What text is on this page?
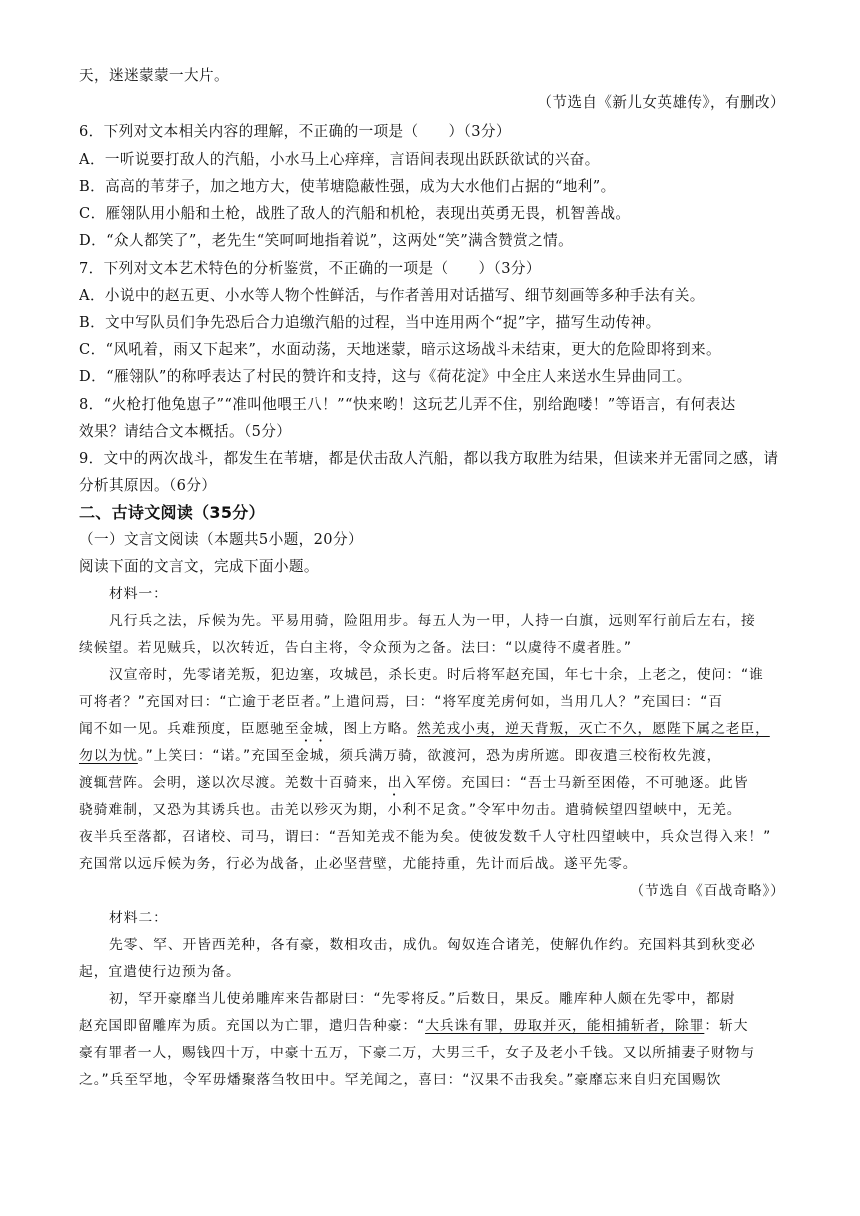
天，迷迷蒙蒙一大片。
（节选自《新儿女英雄传》，有删改）
6．下列对文本相关内容的理解，不正确的一项是（　　）（3分）
A．一听说要打敌人的汽船，小水马上心痒痒，言语间表现出跃跃欲试的兴奋。
B．高高的苇芽子，加之地方大，使苇塘隐蔽性强，成为大水他们占据的“地利”。
C．雁翎队用小船和土枪，战胜了敌人的汽船和机枪，表现出英勇无畏，机智善战。
D．“众人都笑了”，老先生“笑呵呵地指着说”，这两处“笑”满含赞赏之情。
7．下列对文本艺术特色的分析鉴赏，不正确的一项是（　　）（3分）
A．小说中的赵五更、小水等人物个性鲜活，与作者善用对话描写、细节刻画等多种手法有关。
B．文中写队员们争先恐后合力追缴汽船的过程，当中连用两个“捉”字，描写生动传神。
C．“风吼着，雨又下起来”，水面动荡，天地迷蒙，暗示这场战斗未结束，更大的危险即将到来。
D．“雁翎队”的称呼表达了村民的赞许和支持，这与《荷花淀》中全庄人来送水生异曲同工。
8．“火枪打他兔崽子”“准叫他喂王八！”“快来哟！这玩艺儿弄不住，别给跑喽！”等语言，有何表达
效果？请结合文本概括。（5分）
9．文中的两次战斗，都发生在苇塘，都是伏击敌人汽船，都以我方取胜为结果，但读来并无雷同之感，请
分析其原因。（6分）
二、古诗文阅读（35分）
（一）文言文阅读（本题共5小题，20分）
阅读下面的文言文，完成下面小题。
材料一：
凡行兵之法，斥候为先。平易用骑，险阻用步。每五人为一甲，人持一白旗，远则军行前后左右，接
续候望。若见贼兵，以次转近，告白主将，令众预为之备。法曰：“以虞待不虞者胜。”
汉宣帝时，先零诸羌叛，犯边塞，攻城邑，杀长吏。时后将军赵充国，年七十余，上老之，使问：“谁
可将者？”充国对曰：“亡逾于老臣者。”上遣问焉，曰：“将军度羌虏何如，当用几人？”充国曰：“百
闻不如一见。兵难预度，臣愿驰至金城，图上方略。然羌戎小夷，逆天背叛，灭亡不久，愿陛下属之老臣，
勿以为忧。”上笑曰：“诺。”充国至金城，须兵满万骑，欲渡河，恐为虏所遮。即夜遣三校衔枚先渡，
渡辄营阵。会明，遂以次尽渡。羌数十百骑来，出入军傍。充国曰：“吾士马新至困倦，不可驰逐。此皆
骁骑难制，又恐为其诱兵也。击羌以殄灭为期，小利不足贪。”令军中勿击。遣骑候望四望峡中，无羌。
夜半兵至落都，召诸校、司马，谓曰：“吾知羌戎不能为矣。使彼发数千人守杜四望峡中，兵众岂得入来！”
充国常以远斥候为务，行必为战备，止必坚营壁，尤能持重，先计而后战。遂平先零。
（节选自《百战奇略》）
材料二：
先零、罕、开皆西羌种，各有豪，数相攻击，成仇。匈奴连合诸羌，使解仇作约。充国料其到秋变必
起，宜遣使行边预为备。
初，罕开豪靡当儿使弟雕库来告都尉曰：“先零将反。”后数日，果反。雕库种人颇在先零中，都尉
赵充国即留雕库为质。充国以为亡罪，遣归告种豪：“大兵诛有罪，毋取并灭，能相捕斩者，除罪：斩大
豪有罪者一人，赐钱四十万，中豪十五万，下豪二万，大男三千，女子及老小千钱。又以所捕妻子财物与
之。”兵至罕地，令军毋燔聚落刍牧田中。罕羌闻之，喜曰：“汉果不击我矣。”豪靡忘来自归充国赐饮
